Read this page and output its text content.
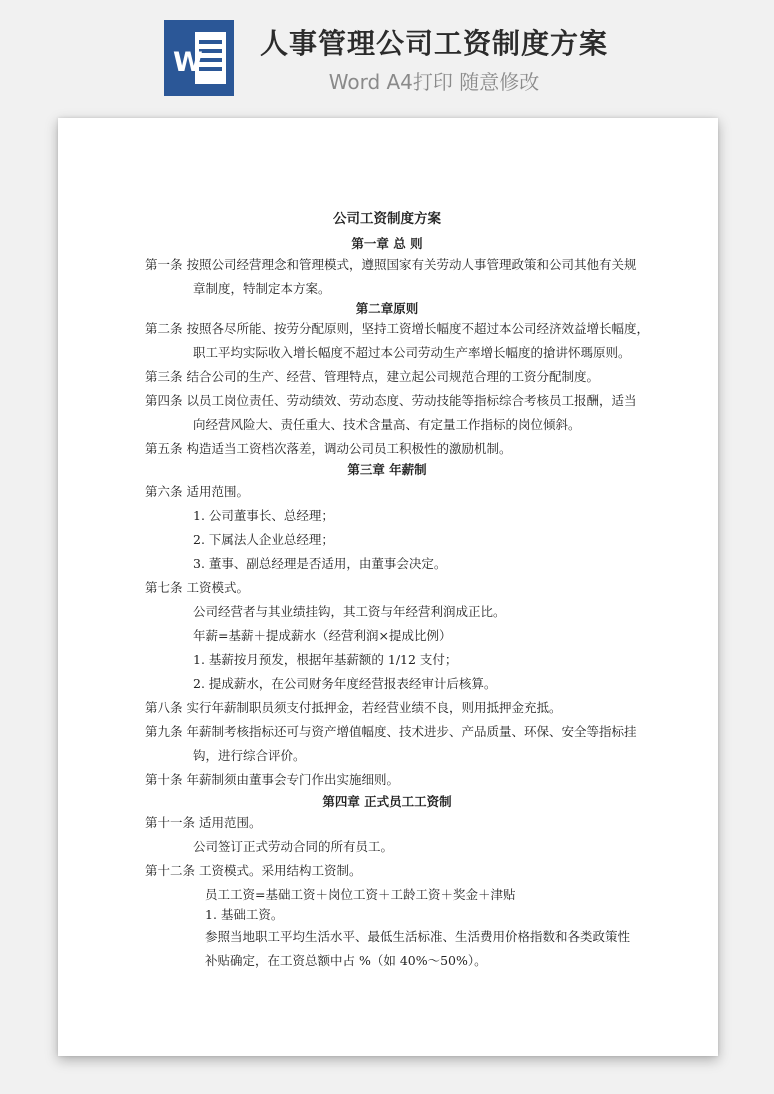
W
人事管理公司工资制度方案
Word A4打印 随意修改

公司工资制度方案
第一章 总 则
第一条 按照公司经营理念和管理模式，遵照国家有关劳动人事管理政策和公司其他有关规
章制度，特制定本方案。
第二章原则
第二条 按照各尽所能、按劳分配原则，坚持工资增长幅度不超过本公司经济效益增长幅度，
职工平均实际收入增长幅度不超过本公司劳动生产率增长幅度的搶讲怀瑪原则。
第三条 结合公司的生产、经营、管理特点，建立起公司规范合理的工资分配制度。
第四条 以员工岗位责任、劳动绩效、劳动态度、劳动技能等指标综合考核员工报酬，适当
向经营风险大、责任重大、技术含量高、有定量工作指标的岗位倾斜。
第五条 构造适当工资档次落差，调动公司员工积极性的激励机制。
第三章 年薪制
第六条 适用范围。
1. 公司董事长、总经理；
2. 下属法人企业总经理；
3. 董事、副总经理是否适用，由董事会决定。
第七条 工资模式。
公司经营者与其业绩挂钩，其工资与年经营利润成正比。
年薪=基薪＋提成薪水（经营利润×提成比例）
1. 基薪按月预发，根据年基薪额的 1/12 支付；
2. 提成薪水，在公司财务年度经营报表经审计后核算。
第八条 实行年薪制职员须支付抵押金，若经营业绩不良，则用抵押金充抵。
第九条 年薪制考核指标还可与资产增值幅度、技术进步、产品质量、环保、安全等指标挂
钩，进行综合评价。
第十条 年薪制须由董事会专门作出实施细则。
第四章 正式员工工资制
第十一条 适用范围。
公司签订正式劳动合同的所有员工。
第十二条 工资模式。采用结构工资制。
员工工资=基础工资＋岗位工资＋工龄工资＋奖金＋津贴
1. 基础工资。
参照当地职工平均生活水平、最低生活标准、生活费用价格指数和各类政策性
补贴确定，在工资总额中占 %（如 40%～50%）。
